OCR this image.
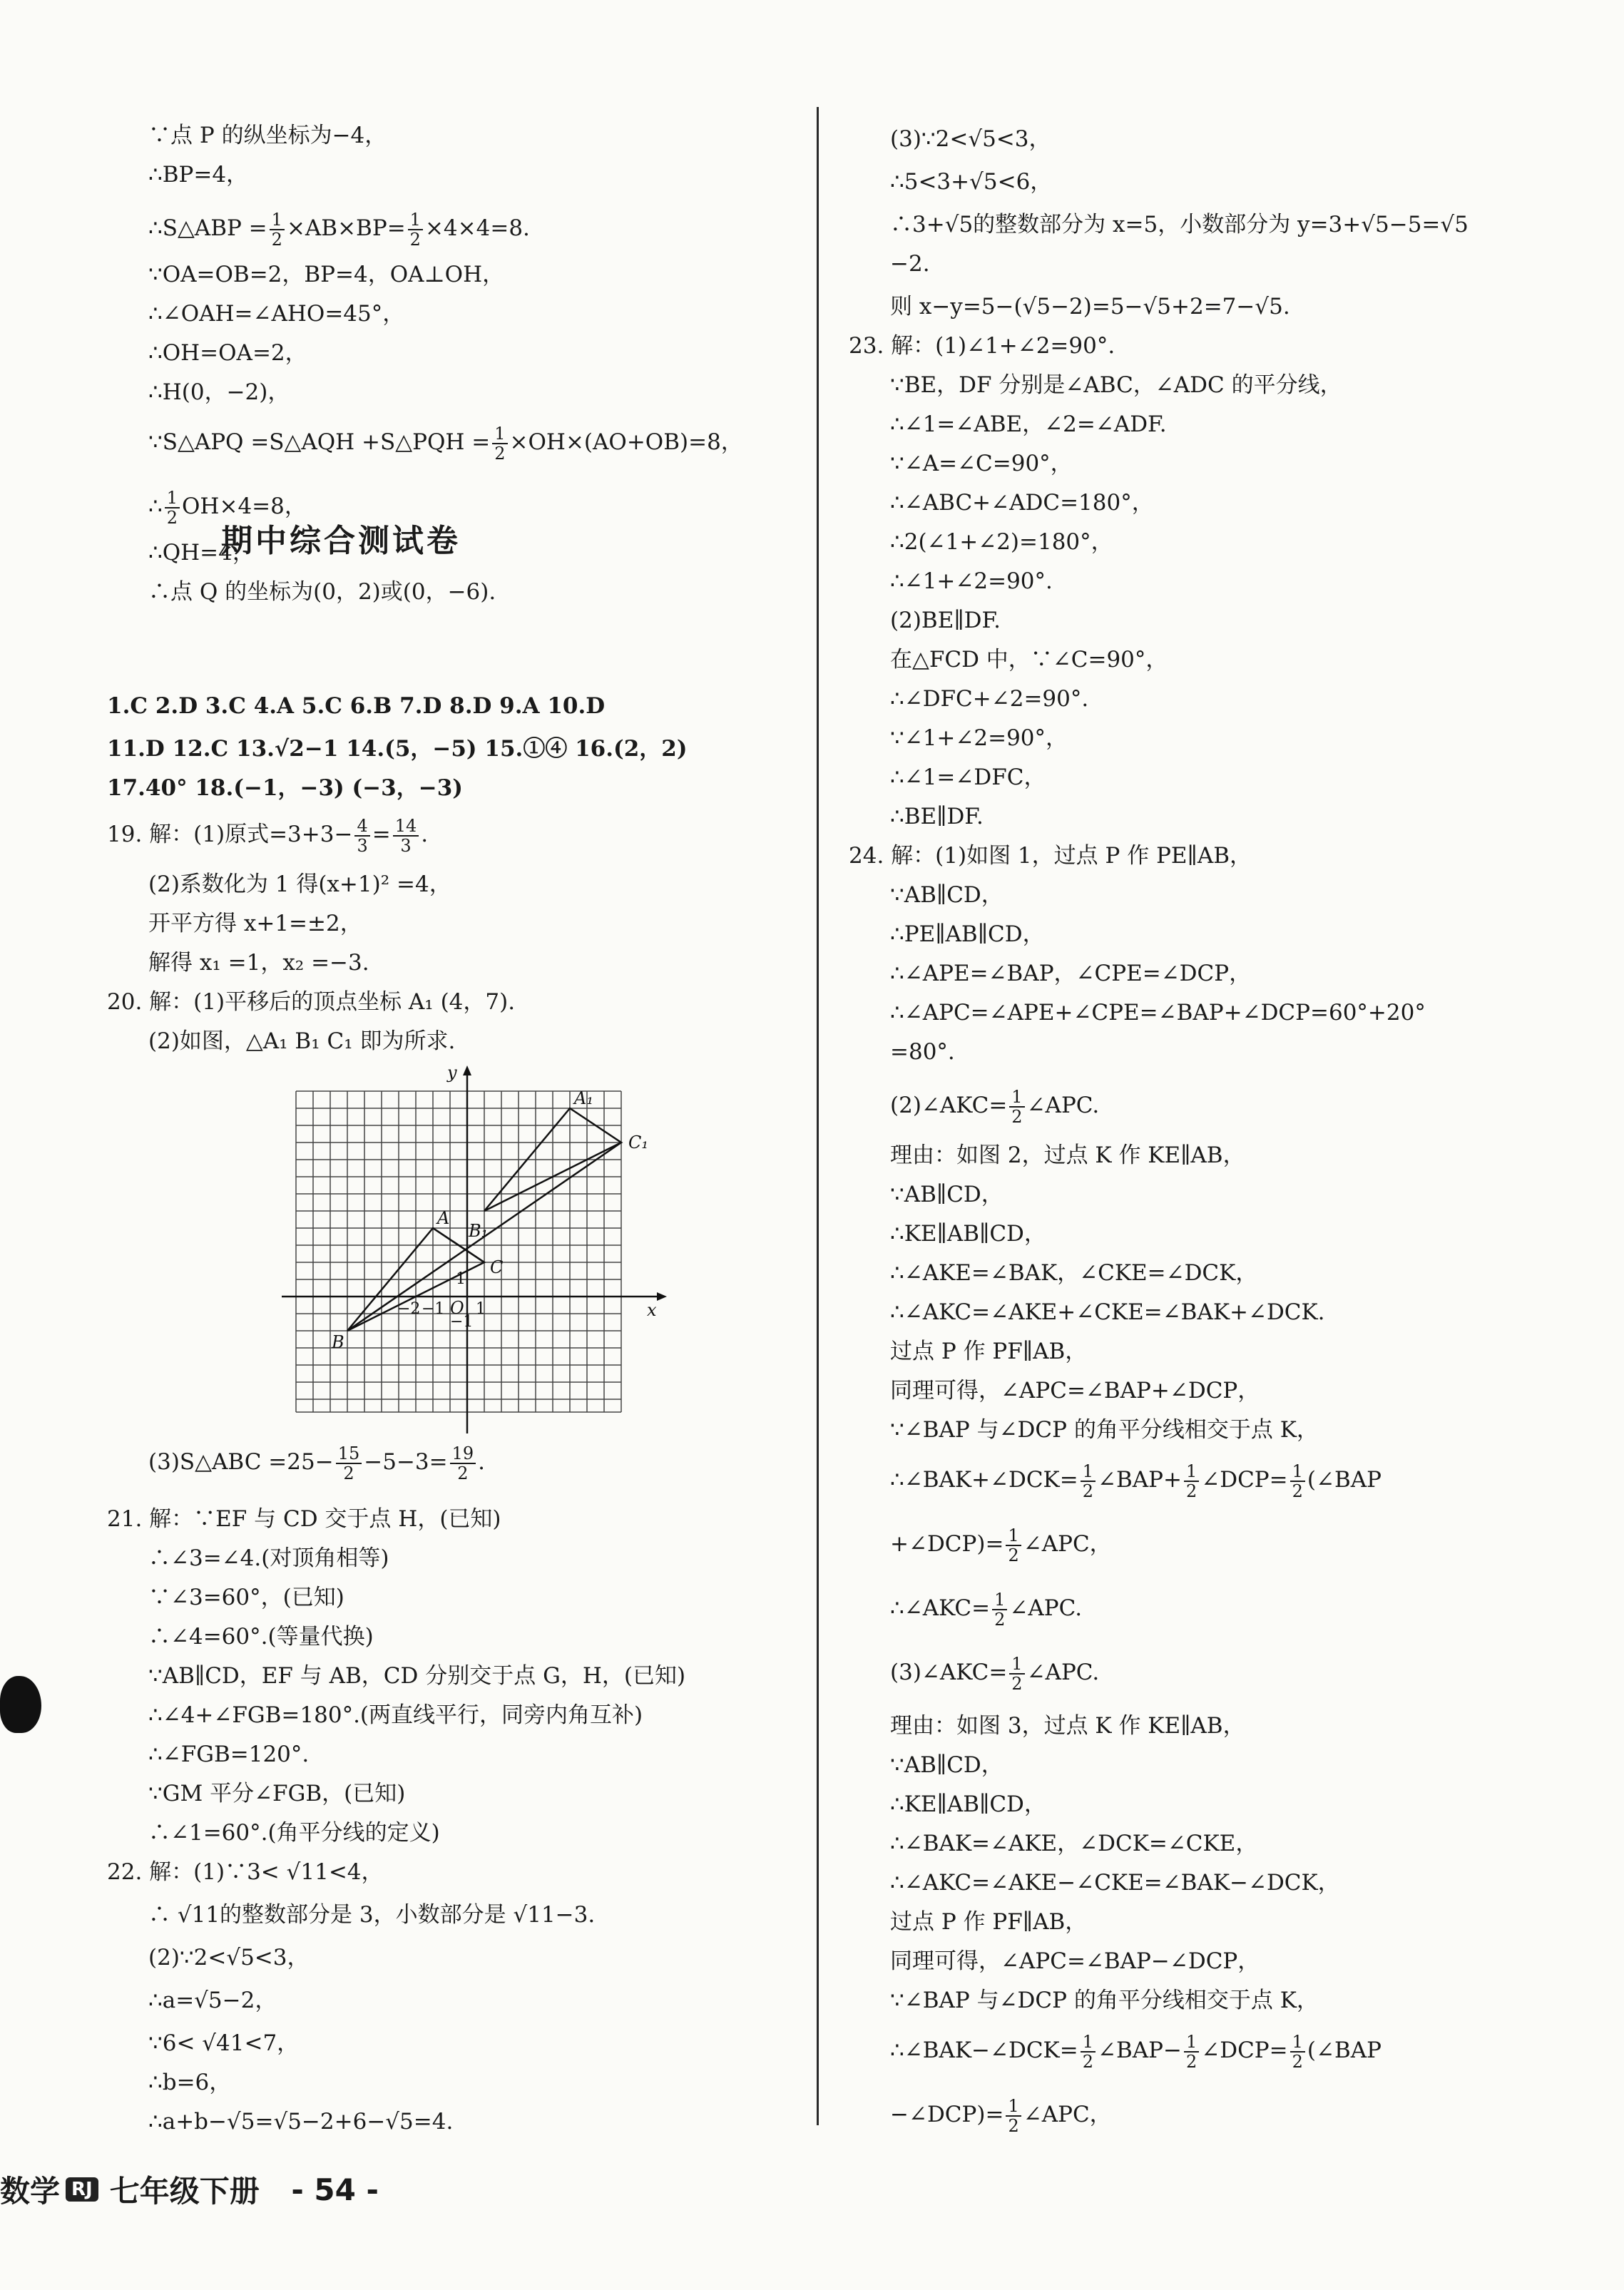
∵点 P 的纵坐标为−4，
∴BP=4，
∴S△ABP = $\frac{1}{2} \times AB\times BP= \frac{1}{2} \times 4\times 4=8$.
∵OA=OB=2，BP=4，OA⊥OH，
∴∠OAH=∠AHO=45°，
∴OH=OA=2，
∴H(0，−2)，
∵S△APQ =S△AQH +S△PQH = $\frac{1}{2} \times OH\times(AO+OB)=8$，
∴ $\frac{1}{2} OH\times 4=8$，
∴QH=4，
∴点 Q 的坐标为(0，2)或(0，−6).
期中综合测试卷
1.C 2.D 3.C 4.A 5.C 6.B 7.D 8.D 9.A 10.D
11.D 12.C 13.√2−1 14.(5，−5) 15.①④ 16.(2，2)
17.40° 18.(−1，−3) (−3，−3)
19. 解：(1)原式$=3+3- \frac{4}{3} = \frac{14}{3}$ .
(2)系数化为 1 得(x+1)² =4，
开平方得 x+1=±2，
解得 x₁ =1，x₂ =−3.
20. 解：(1)平移后的顶点坐标 A₁ (4，7).
(2)如图，△A₁ B₁ C₁ 即为所求.
y
x
A₁
A
B₁
C₁
C
B
O 1
1
−1
−2
−1
(3)S△ABC $=25- \frac{15}{2} -5-3= \frac{19}{2}$ .
21. 解：∵EF 与 CD 交于点 H，(已知)
∴∠3=∠4.(对顶角相等)
∵∠3=60°，(已知)
∴∠4=60°.(等量代换)
∵AB∥CD，EF 与 AB，CD 分别交于点 G，H，(已知)
∴∠4+∠FGB=180°.(两直线平行，同旁内角互补)
∴∠FGB=120°.
∵GM 平分∠FGB，(已知)
∴∠1=60°.(角平分线的定义)
22. 解：(1)∵3< √11<4，
∴ √11的整数部分是 3，小数部分是 √11−3.
(2)∵2<√5<3，
∴a=√5−2，
∵6< √41<7，
∴b=6，
∴a+b−√5=√5−2+6−√5=4.
(3)∵2<√5<3，
∴5<3+√5<6，
∴3+√5的整数部分为 x=5，小数部分为 y=3+√5−5=√5
−2.
则 x−y=5−(√5−2)=5−√5+2=7−√5.
23. 解：(1)∠1+∠2=90°.
∵BE，DF 分别是∠ABC，∠ADC 的平分线，
∴∠1=∠ABE，∠2=∠ADF.
∵∠A=∠C=90°，
∴∠ABC+∠ADC=180°，
∴2(∠1+∠2)=180°，
∴∠1+∠2=90°.
(2)BE∥DF.
在△FCD 中，∵∠C=90°，
∴∠DFC+∠2=90°.
∵∠1+∠2=90°，
∴∠1=∠DFC，
∴BE∥DF.
24. 解：(1)如图 1，过点 P 作 PE∥AB，
∵AB∥CD，
∴PE∥AB∥CD，
∴∠APE=∠BAP，∠CPE=∠DCP，
∴∠APC=∠APE+∠CPE=∠BAP+∠DCP=60°+20°
=80°.
(2)∠AKC= $\frac{1}{2}$ ∠APC.
理由：如图 2，过点 K 作 KE∥AB，
∵AB∥CD，
∴KE∥AB∥CD，
∴∠AKE=∠BAK，∠CKE=∠DCK，
∴∠AKC=∠AKE+∠CKE=∠BAK+∠DCK.
过点 P 作 PF∥AB，
同理可得，∠APC=∠BAP+∠DCP，
∵∠BAP 与∠DCP 的角平分线相交于点 K，
∴∠BAK+∠DCK= $\frac{1}{2}$ ∠BAP+ $\frac{1}{2}$ ∠DCP= $\frac{1}{2}$ (∠BAP
+∠DCP)= $\frac{1}{2}$ ∠APC，
∴∠AKC= $\frac{1}{2}$ ∠APC.
(3)∠AKC= $\frac{1}{2}$ ∠APC.
理由：如图 3，过点 K 作 KE∥AB，
∵AB∥CD，
∴KE∥AB∥CD，
∴∠BAK=∠AKE，∠DCK=∠CKE，
∴∠AKC=∠AKE−∠CKE=∠BAK−∠DCK，
过点 P 作 PF∥AB，
同理可得，∠APC=∠BAP−∠DCP，
∵∠BAP 与∠DCP 的角平分线相交于点 K，
∴∠BAK−∠DCK= $\frac{1}{2}$ ∠BAP− $\frac{1}{2}$ ∠DCP= $\frac{1}{2}$ (∠BAP
−∠DCP)= $\frac{1}{2}$ ∠APC，
数学 RJ 七年级下册 - 54 -
